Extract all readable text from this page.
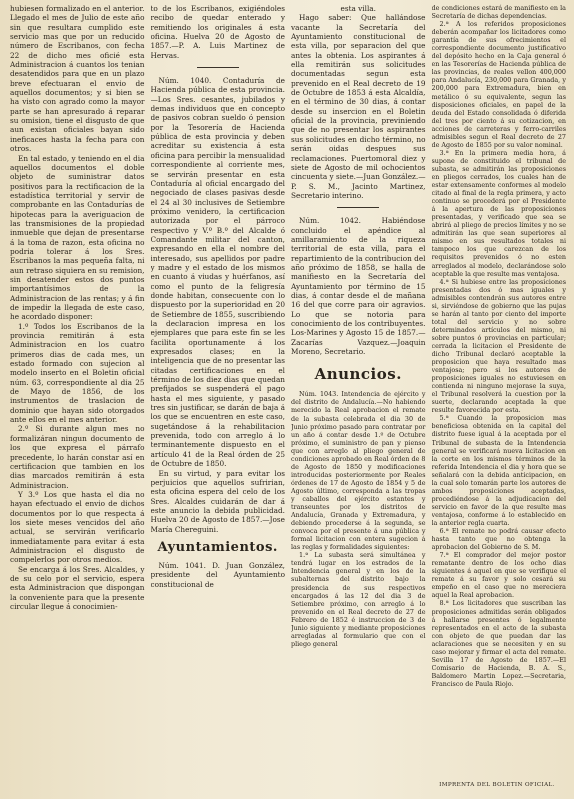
hubiesen formalizado en el anterior. Llegado el mes de Julio de este año sin que resultara cumplido este servicio mas que por un reducido número de Escribanos, con fecha 22 de dicho mes oficié esta Administracion á cuantos los tenian desatendidos para que en un plazo breve efectuaran el envio de aquellos documentos; y si bien se ha visto con agrado como la mayor parte se han apresurado á reparar su omision, tiene el disgusto de que aun existan oficiales bayan sido ineficaces hasta la fecha para con otros.

En tal estado, y teniendo en el dia aquellos documentos el doble objeto de suministrar datos positivos para la rectificacion de la estadística territorial y servir de comprobante en las Contadurías de hipotecas para la averiguacion de las transmisiones de la propiedad inmueble que dejan de presentarse á la toma de razon, esta oficina no podria tolerar á los Sres. Escribanos la mas pequeña falta, ni aun retraso siquiera en su remision, sin desatender estos dos puntos importantísimos de la Administracion de las rentas; y á fin de impedir la llegada de este caso, he acordado disponer:

1.º Todos los Escribanos de la provincia remitirán á esta Administracion en los cuatro primeros dias de cada mes, un estado formado con sujecion al modelo inserto en el Boletin oficial núm. 63, correspondiente al dia 25 de Mayo de 1856, de los instrumentos de traslacion de dominio que hayan sido otorgados ante ellos en el mes anterior.

2.º Si durante algun mes no formalizáran ningun documento de los que expresa el párrafo precedente, lo harán constar así en certificacion que tambien en los dias marcados remitirán á esta Administracion.

Y 3.º Los que hasta el dia no hayan efectuado el envio de dichos documentos por lo que respecta á los siete meses vencidos del año actual, se servirán verificarlo inmediatamente para evitar á esta Administracion el disgusto de compelerlos por otros medios.

Se encarga á los Sres. Alcaldes, y de su celo por el servicio, espera esta Administracion que dispongan la conveniente para que la presente circular llegue á conocimien-

to de los Escribanos, exigiéndoles recibo de quedar enterado y remitiendo los originales á esta oficina. Huelva 20 de Agosto de 1857.—P. A. Luis Martinez de Hervas.

Núm. 1040. Contaduría de Hacienda pública de esta provincia.—Los Sres. cesantes, jubilados y demas individuos que en concepto de pasivos cobran sueldo ó pension por la Tesorería de Hacienda pública de esta provincia y deben acreditar su existencia á esta oficina para percibir la mensualidad correspondiente al corriente mes, se servirán presentar en esta Contaduría al oficial encargado del negociado de clases pasivas desde el 24 al 30 inclusives de Setiembre próximo venidero, la certificacion autorizada por el párroco respectivo y V.º B.º del Alcalde ó Comandante militar del canton, expresando en ella el nombre del interesado, sus apellidos por padre y madre y el estado de los mismos en cuanto á viudas y huérfanos, así como el punto de la feligresía donde habitan, consecuente con lo dispuesto por la superioridad en 20 de Setiembre de 1855, suscribiendo la declaracion impresa en los ejemplares que para este fin se les facilita oportunamente á los expresados clases; en la inteligencia que de no presentar las citadas certificaciones en el término de los diez dias que quedan prefijados se suspenderá el pago hasta el mes siguiente, y pasado tres sin justificar, se darán de baja á los que se encuentren en este caso, sugetándose á la rehabilitacion prevenida, todo con arreglo á lo terminantemente dispuesto en el artículo 41 de la Real órden de 25 de Octubre de 1850.

En su virtud, y para evitar los perjuicios que aquellos sufririan, esta oficina espera del celo de los Sres. Alcaldes cuidarán de dar á este anuncio la debida publicidad. Huelva 20 de Agosto de 1857.—Jose María Chereguini.

Ayuntamientos.

Núm. 1041. D. Juan González, presidente del Ayuntamiento constitucional de

esta villa.

Hago saber: Que hallándose vacante la Secretaría del Ayuntamiento constitucional de esta villa, por separacion del que antes la obtenia. Los aspirantes á ella remitirán sus solicitudes documentadas segun esta prevenido en el Real decreto de 19 de Octubre de 1853 á esta Alcaldía, en el término de 30 dias, á contar desde su insercion en el Boletin oficial de la provincia, previniendo que de no presentar los aspirantes sus solicitudes en dicho término, no serán oidas despues sus reclamaciones. Puertomoral diez y siete de Agosto de mil ochocientos cincuenta y siete.—Juan González.—P. S. M., Jacinto Martinez, Secretario interino.

Núm. 1042. Habiéndose concluido el apéndice al amillaramiento de la riqueza territorial de esta villa, para el repartimiento de la contribucion del año próximo de 1858, se halla de manifiesto en la Secretaría del Ayuntamiento por término de 15 dias, á contar desde el de mañana 16 del que corre para oir agravios. Lo que se notoria para conocimiento de los contribuyentes. Los-Marines y Agosto 15 de 1857.—Zacarías Vazquez.—Joaquin Moreno, Secretario.

Anuncios.

Núm. 1043. Intendencia de ejército y del distrito de Andalucía.—No habiendo merecido la Real aprobacion el remate de la subasta celebrada el dia 30 de Junio próximo pasado para contratar por un año á contar desde 1.º de Octubre próximo, el suministro de pan y pienso que con arreglo al pliego general de condiciones aprobado en Real órden de 8 de Agosto de 1850 y modificaciones introducidas posteriormente por Reales órdenes de 17 de Agosto de 1854 y 5 de Agosto último, corresponda a las tropas y caballos del ejército estantes y transeuntes por los distritos de Andalucía, Granada y Extremadura, y debiendo procederse á la segunda, se convoca por el presente á una pública y formal licitacion con entera sugecion á las reglas y formalidades siguientes:

1.ª La subasta será simultánea y tendrá lugar en los estrados de la Intendencia general y en los de la subalternas del distrito bajo la presidencia de sus respectivos encargados á las 12 del dia 3 de Setiembre próximo, con arreglo á lo prevenido en el Real decreto de 27 de Febrero de 1852 é instruccion de 3 de Junio siguiente y mediante proposiciones arregladas al formulario que con el pliego general

de condiciones estará de manifiesto en la Secretaría de dichas dependencias.

2.ª A los referidos proposiciones deberán acompañar los licitadores como garantía de sus ofrecimientos el correspondiente documento justificativo del depósito hecho en la Caja general ó en las Tesorerías de Hacienda pública de las provincias, de reales vellon 400,000 para Andalucía, 230,000 para Granada, y 200,000 para Extremadura, bien en metálico ó su equivalente, segun las disposiciones oficiales, en papel de la deuda del Estado consolidada ó diferida del tres por ciento á su cotizacion, en acciones de carreteras y ferro-carriles admisibles segun el Real decreto de 27 de Agosto de 1855 por su valor nominal.

3.ª En la primera media hora, á supone de constituido el tribunal de subasta, se admitirán las proposiciones en pliegos cerrados, los cuales han de estar extensamente conformes al modelo citado al final de la regla primera, y acto continuo se procederá por el Presidente á la apertura de las proposiciones presentadas, y verificado que sea se abrirá al pliego de precios límites y no se admitirán las que sean superiores al mismo en sus resultados totales ni tampoco los que carezcan de los requisitos prevenidos ó no esten arreglados al modelo, declarándose solo aceptable la que resulte mas ventajosa.

4.ª Si hubiese entre las proposiciones presentadas dos ó mas iguales y admisibles contendrán sus autores entre si, sirviéndose de gobierno que las pujas se harán al tanto por ciento del importe total del servicio y no sobre determinados artículos del mismo, ni sobre puntos ó provincias en particular; cerrada la licitacion el Presidente de dicho Tribunal declaró aceptable la proposicion que haya resultado mas ventajosa; pero si los autores de proposiciones iguales no estuviesen en contienda ni ninguno mejorase la suya, el Tribunal resolverá la cuestion por la suerte, declarando aceptada la que resulte favorecida por esta.

5.ª Cuando la proposicion mas beneficiosa obtenida en la capital del distrito fuese igual á la aceptada por el Tribunal de subasta de la Intendencia general se verificará nueva licitacion en la corte en los mismos términos de la referida Intendencia el dia y hora que se señalará con la debida anticipacion, en la cual solo tomarán parte los autores de ambos proposiciones aceptadas, procediéndose á la adjudicacion del servicio en favor de la que resulte mas ventajosa, conforme á lo establecido en la anterior regla cuarta.

6.ª El remate no podrá causar efecto hasta tanto que no obtenga la aprobacion del Gobierno de S. M.

7.ª El comprador del mejor postor rematante dentro de los ocho dias siguientes á aquel en que se verifique el remate á su favor y solo cesará su empeño en el caso que no mereciera aquel la Real aprobacion.

8.ª Los licitadores que suscriban las proposiciones admitidas serán obligados á hallarse presentes ó legalmente representados en el acto de la subasta con objeto de que puedan dar las aclaraciones que se necesiten y en su caso mejorar y firmar el acta del remate. Sevilla 17 de Agosto de 1857.—El Comisario de Hacienda, B. A. S., Baldomero Martin Lopez.—Secretaria, Francisco de Paula Riojo.

IMPRENTA DEL BOLETIN OFICIAL.
